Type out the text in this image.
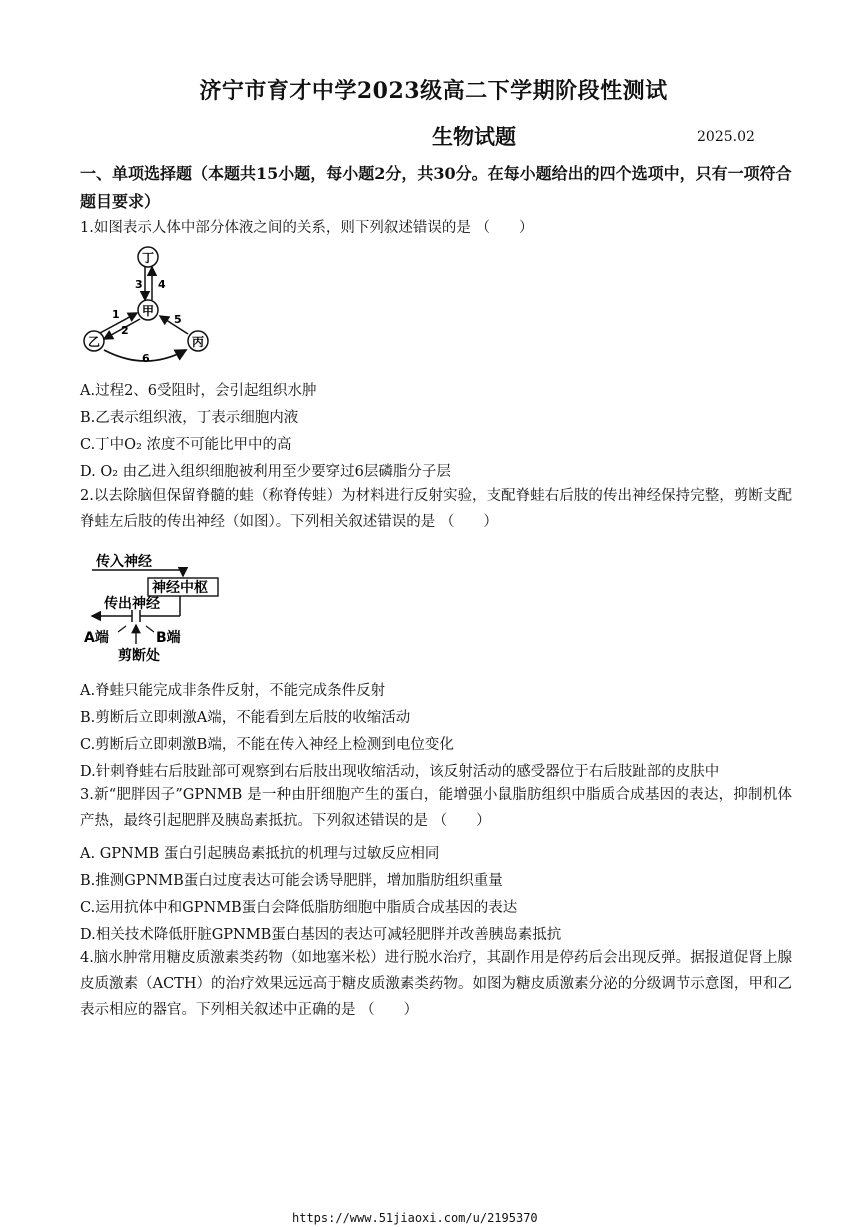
济宁市育才中学2023级高二下学期阶段性测试
生物试题	2025.02
一、单项选择题（本题共15小题，每小题2分，共30分。在每小题给出的四个选项中，只有一项符合题目要求）
1.如图表示人体中部分体液之间的关系，则下列叙述错误的是 （　　）
丁
甲
乙	丙
3 4
1
2
5
6
A.过程2、6受阻时，会引起组织水肿
B.乙表示组织液，丁表示细胞内液
C.丁中O₂ 浓度不可能比甲中的高
D. O₂ 由乙进入组织细胞被利用至少要穿过6层磷脂分子层
2.以去除脑但保留脊髓的蛙（称脊传蛙）为材料进行反射实验，支配脊蛙右后肢的传出神经保持完整，剪断支配脊蛙左后肢的传出神经（如图）。下列相关叙述错误的是 （　　）
传入神经
神经中枢
传出神经
A端	B端
剪断处
A.脊蛙只能完成非条件反射，不能完成条件反射
B.剪断后立即刺激A端，不能看到左后肢的收缩活动
C.剪断后立即刺激B端，不能在传入神经上检测到电位变化
D.针刺脊蛙右后肢趾部可观察到右后肢出现收缩活动，该反射活动的感受器位于右后肢趾部的皮肤中
3.新“肥胖因子”GPNMB 是一种由肝细胞产生的蛋白，能增强小鼠脂肪组织中脂质合成基因的表达，抑制机体产热，最终引起肥胖及胰岛素抵抗。下列叙述错误的是 （　　）
A. GPNMB 蛋白引起胰岛素抵抗的机理与过敏反应相同
B.推测GPNMB蛋白过度表达可能会诱导肥胖，增加脂肪组织重量
C.运用抗体中和GPNMB蛋白会降低脂肪细胞中脂质合成基因的表达
D.相关技术降低肝脏GPNMB蛋白基因的表达可减轻肥胖并改善胰岛素抵抗
4.脑水肿常用糖皮质激素类药物（如地塞米松）进行脱水治疗，其副作用是停药后会出现反弹。据报道促肾上腺皮质激素（ACTH）的治疗效果远远高于糖皮质激素类药物。如图为糖皮质激素分泌的分级调节示意图，甲和乙表示相应的器官。下列相关叙述中正确的是 （　　）
https://www.51jiaoxi.com/u/2195370
